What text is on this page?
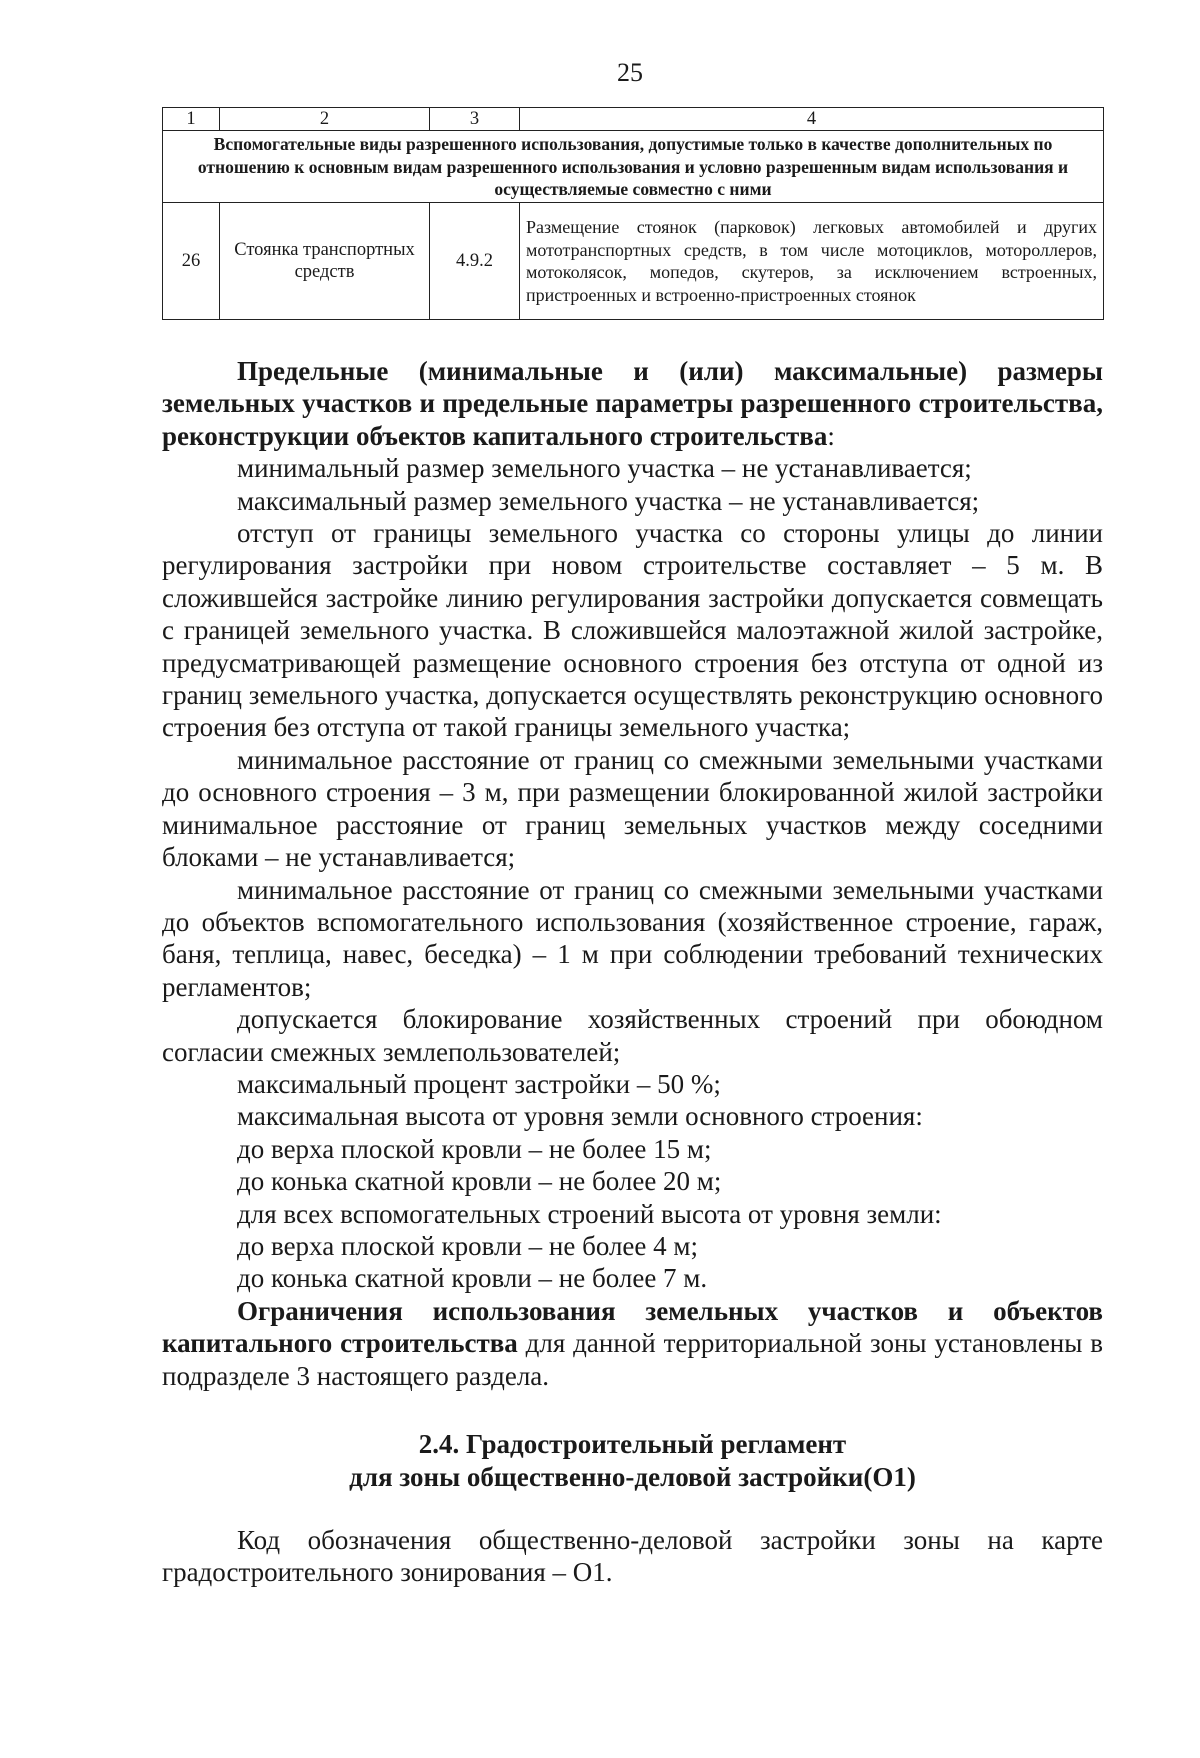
25
1	2	3	4
Вспомогательные виды разрешенного использования, допустимые только в качестве дополнительных по отношению к основным видам разрешенного использования и условно разрешенным видам использования и осуществляемые совместно с ними			
26	Стоянка транспортных средств	4.9.2	Размещение стоянок (парковок) легковых автомобилей и других мототранспортных средств, в том числе мотоциклов, мотороллеров, мотоколясок, мопедов, скутеров, за исключением встроенных, пристроенных и встроенно-пристроенных стоянок

Предельные (минимальные и (или) максимальные) размеры земельных участков и предельные параметры разрешенного строительства, реконструкции объектов капитального строительства:

минимальный размер земельного участка – не устанавливается;

максимальный размер земельного участка – не устанавливается;

отступ от границы земельного участка со стороны улицы до линии регулирования застройки при новом строительстве составляет – 5 м. В сложившейся застройке линию регулирования застройки допускается совмещать с границей земельного участка. В сложившейся малоэтажной жилой застройке, предусматривающей размещение основного строения без отступа от одной из границ земельного участка, допускается осуществлять реконструкцию основного строения без отступа от такой границы земельного участка;

минимальное расстояние от границ со смежными земельными участками до основного строения – 3 м, при размещении блокированной жилой застройки минимальное расстояние от границ земельных участков между соседними блоками – не устанавливается;

минимальное расстояние от границ со смежными земельными участками до объектов вспомогательного использования (хозяйственное строение, гараж, баня, теплица, навес, беседка) – 1 м при соблюдении требований технических регламентов;

допускается блокирование хозяйственных строений при обоюдном согласии смежных землепользователей;

максимальный процент застройки – 50 %;

максимальная высота от уровня земли основного строения:

до верха плоской кровли – не более 15 м;

до конька скатной кровли – не более 20 м;

для всех вспомогательных строений высота от уровня земли:

до верха плоской кровли – не более 4 м;

до конька скатной кровли – не более 7 м.

Ограничения использования земельных участков и объектов капитального строительства для данной территориальной зоны установлены в подразделе 3 настоящего раздела.

2.4. Градостроительный регламент
для зоны общественно-деловой застройки(О1)

Код обозначения общественно-деловой застройки зоны на карте градостроительного зонирования – О1.
